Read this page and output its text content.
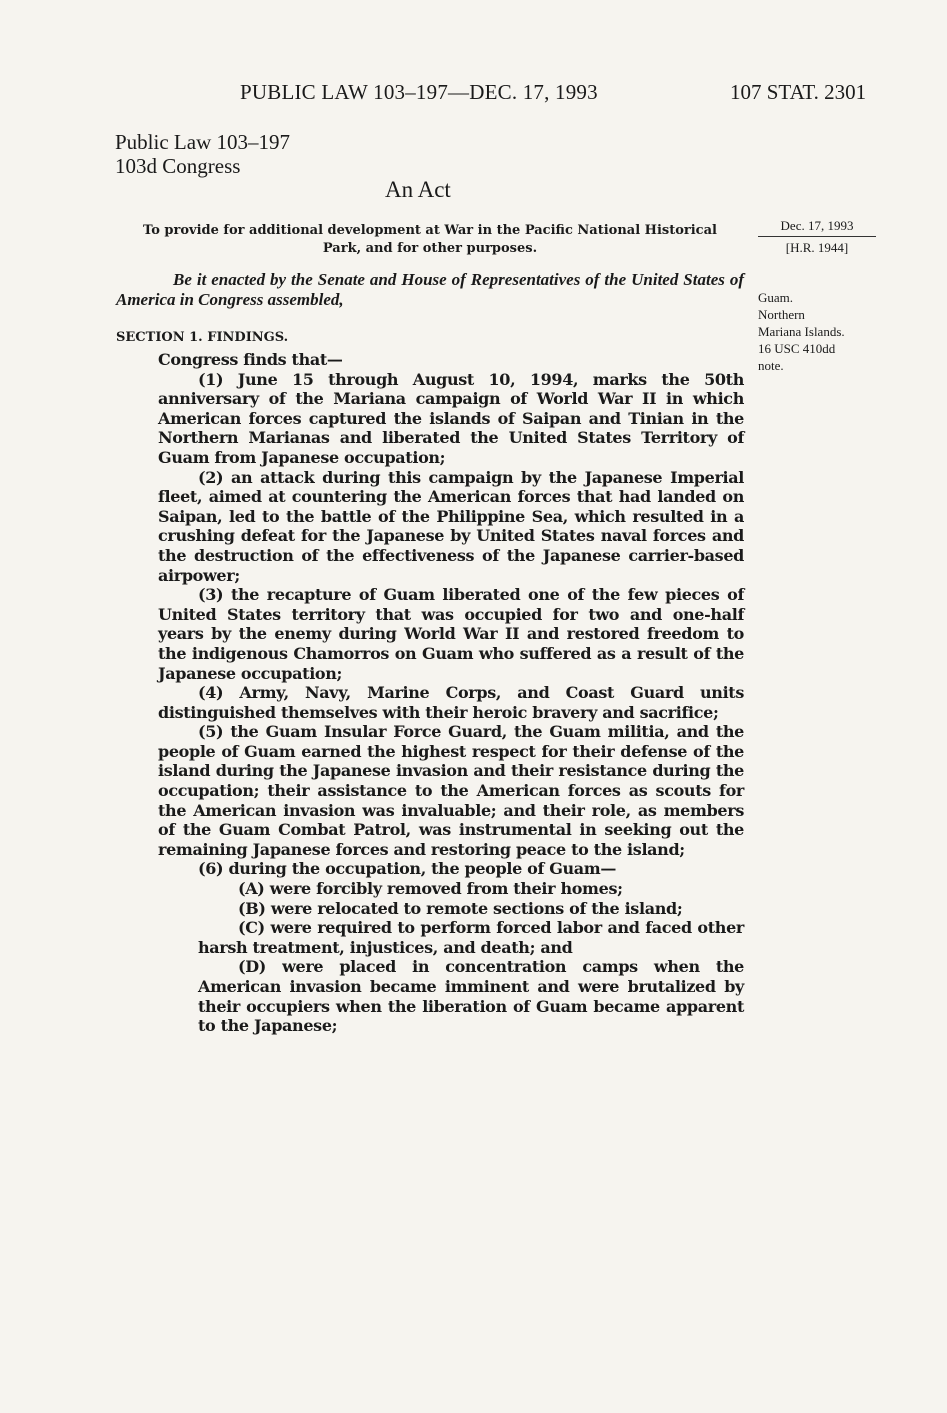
PUBLIC LAW 103–197—DEC. 17, 1993	107 STAT. 2301
Public Law 103–197
103d Congress
An Act
To provide for additional development at War in the Pacific National Historical Park, and for other purposes.
Dec. 17, 1993
[H.R. 1944]
Guam.
Northern
Mariana Islands.
16 USC 410dd
note.
Be it enacted by the Senate and House of Representatives of the United States of America in Congress assembled,
SECTION 1. FINDINGS.

Congress finds that—

(1) June 15 through August 10, 1994, marks the 50th anniversary of the Mariana campaign of World War II in which American forces captured the islands of Saipan and Tinian in the Northern Marianas and liberated the United States Territory of Guam from Japanese occupation;

(2) an attack during this campaign by the Japanese Imperial fleet, aimed at countering the American forces that had landed on Saipan, led to the battle of the Philippine Sea, which resulted in a crushing defeat for the Japanese by United States naval forces and the destruction of the effectiveness of the Japanese carrier-based airpower;

(3) the recapture of Guam liberated one of the few pieces of United States territory that was occupied for two and one-half years by the enemy during World War II and restored freedom to the indigenous Chamorros on Guam who suffered as a result of the Japanese occupation;

(4) Army, Navy, Marine Corps, and Coast Guard units distinguished themselves with their heroic bravery and sacrifice;

(5) the Guam Insular Force Guard, the Guam militia, and the people of Guam earned the highest respect for their defense of the island during the Japanese invasion and their resistance during the occupation; their assistance to the American forces as scouts for the American invasion was invaluable; and their role, as members of the Guam Combat Patrol, was instrumental in seeking out the remaining Japanese forces and restoring peace to the island;

(6) during the occupation, the people of Guam—

(A) were forcibly removed from their homes;

(B) were relocated to remote sections of the island;

(C) were required to perform forced labor and faced other harsh treatment, injustices, and death; and

(D) were placed in concentration camps when the American invasion became imminent and were brutalized by their occupiers when the liberation of Guam became apparent to the Japanese;
